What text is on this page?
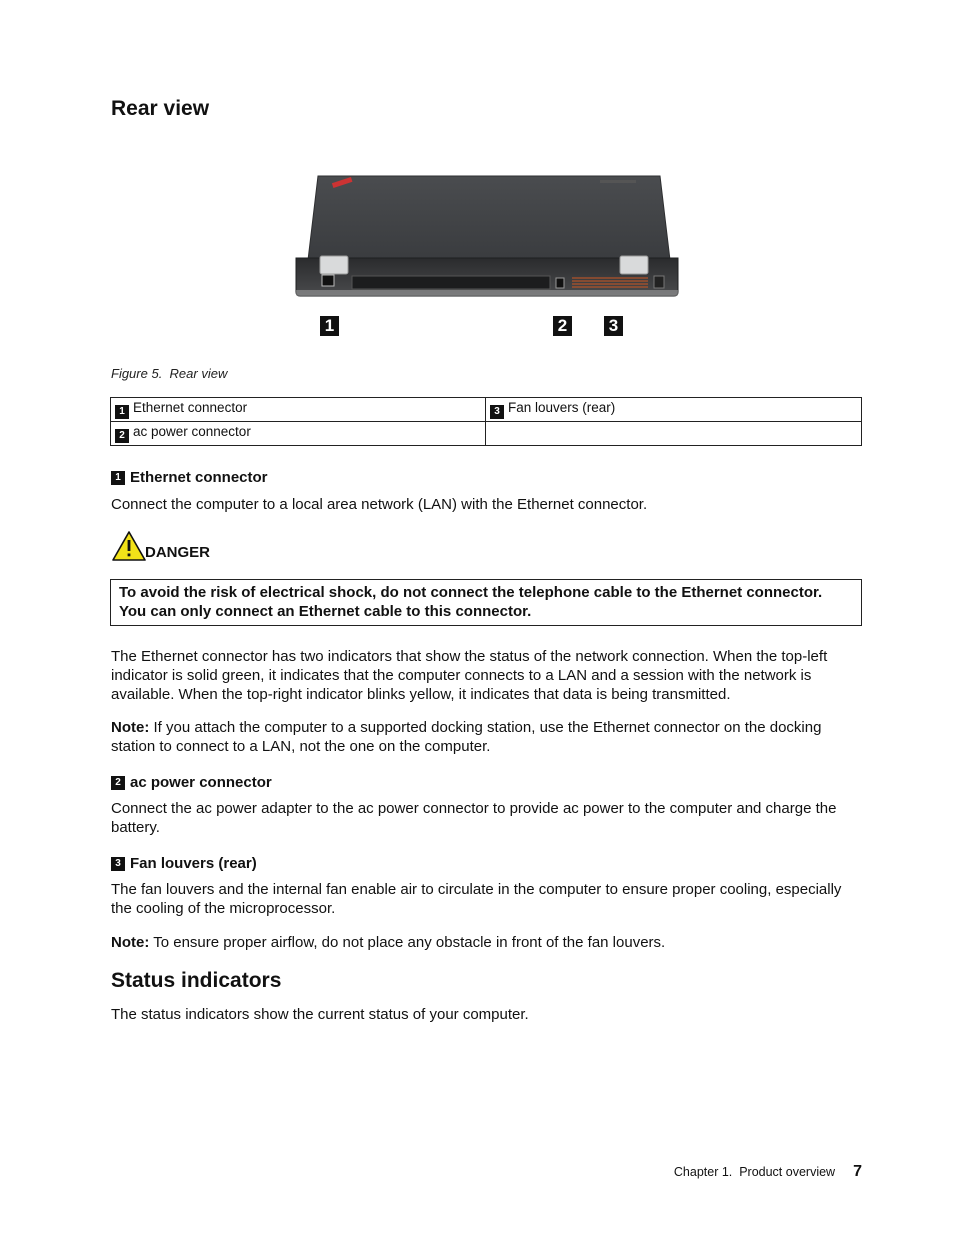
Rear view
1	2 3
Figure 5. Rear view
1 Ethernet connector	3 Fan louvers (rear)
2 ac power connector	
1 Ethernet connector

Connect the computer to a local area network (LAN) with the Ethernet connector.

DANGER
To avoid the risk of electrical shock, do not connect the telephone cable to the Ethernet connector. You can only connect an Ethernet cable to this connector.

The Ethernet connector has two indicators that show the status of the network connection. When the top-left indicator is solid green, it indicates that the computer connects to a LAN and a session with the network is available. When the top-right indicator blinks yellow, it indicates that data is being transmitted.

Note: If you attach the computer to a supported docking station, use the Ethernet connector on the docking station to connect to a LAN, not the one on the computer.

2 ac power connector

Connect the ac power adapter to the ac power connector to provide ac power to the computer and charge the battery.

3 Fan louvers (rear)

The fan louvers and the internal fan enable air to circulate in the computer to ensure proper cooling, especially the cooling of the microprocessor.

Note: To ensure proper airflow, do not place any obstacle in front of the fan louvers.

Status indicators

The status indicators show the current status of your computer.

Chapter 1.  Product overview 7
